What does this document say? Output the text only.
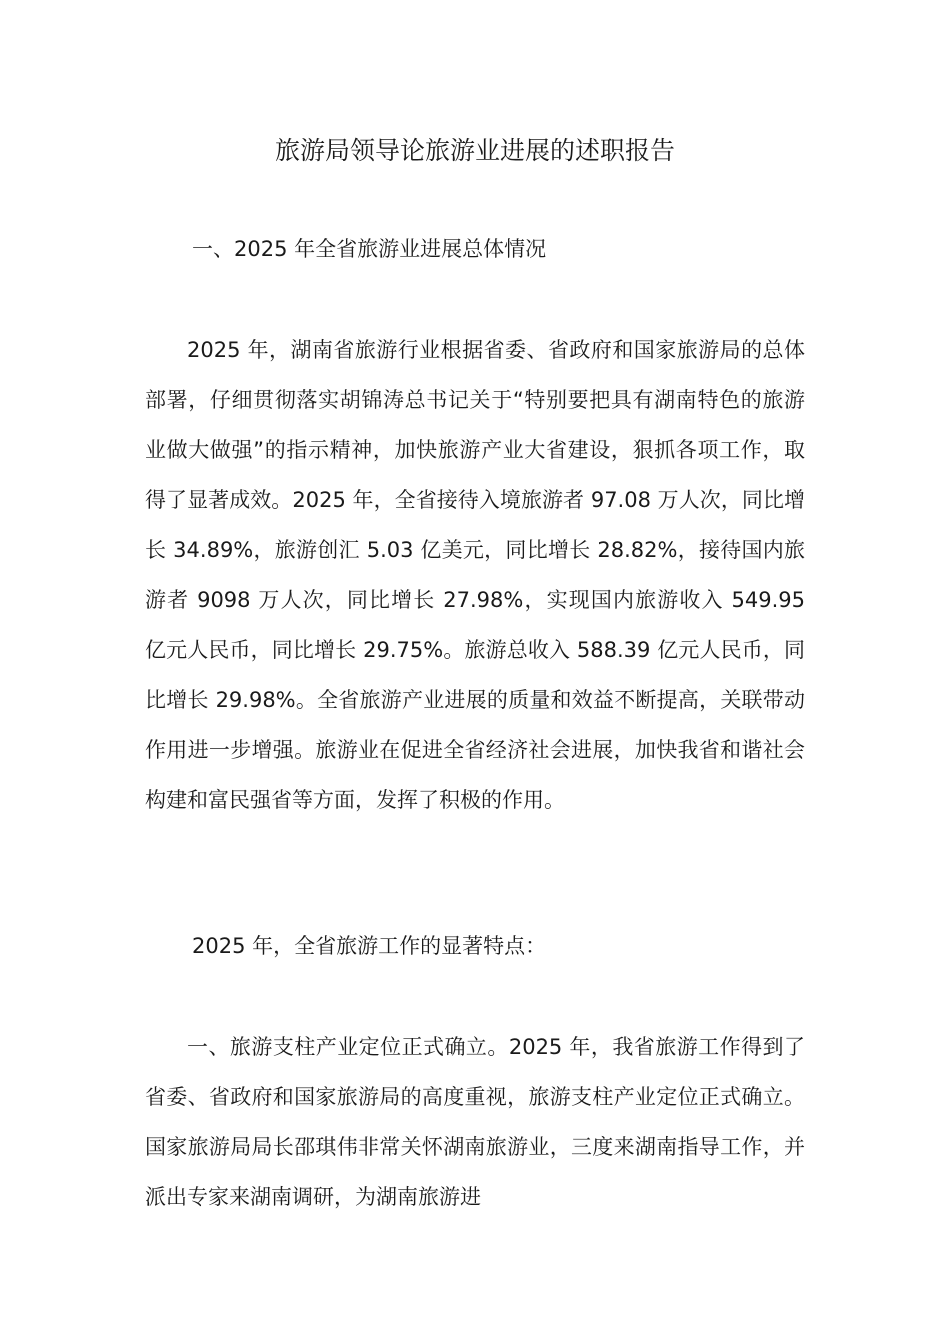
旅游局领导论旅游业进展的述职报告

一、2025 年全省旅游业进展总体情况

2025 年，湖南省旅游行业根据省委、省政府和国家旅游局的总体部署，仔细贯彻落实胡锦涛总书记关于“特别要把具有湖南特色的旅游业做大做强”的指示精神，加快旅游产业大省建设，狠抓各项工作，取得了显著成效。2025 年，全省接待入境旅游者 97.08 万人次，同比增长 34.89%，旅游创汇 5.03 亿美元，同比增长 28.82%，接待国内旅游者 9098 万人次，同比增长 27.98%，实现国内旅游收入 549.95 亿元人民币，同比增长 29.75%。旅游总收入 588.39 亿元人民币，同比增长 29.98%。全省旅游产业进展的质量和效益不断提高，关联带动作用进一步增强。旅游业在促进全省经济社会进展，加快我省和谐社会构建和富民强省等方面，发挥了积极的作用。

2025 年，全省旅游工作的显著特点：

一、旅游支柱产业定位正式确立。2025 年，我省旅游工作得到了省委、省政府和国家旅游局的高度重视，旅游支柱产业定位正式确立。国家旅游局局长邵琪伟非常关怀湖南旅游业，三度来湖南指导工作，并派出专家来湖南调研，为湖南旅游进
